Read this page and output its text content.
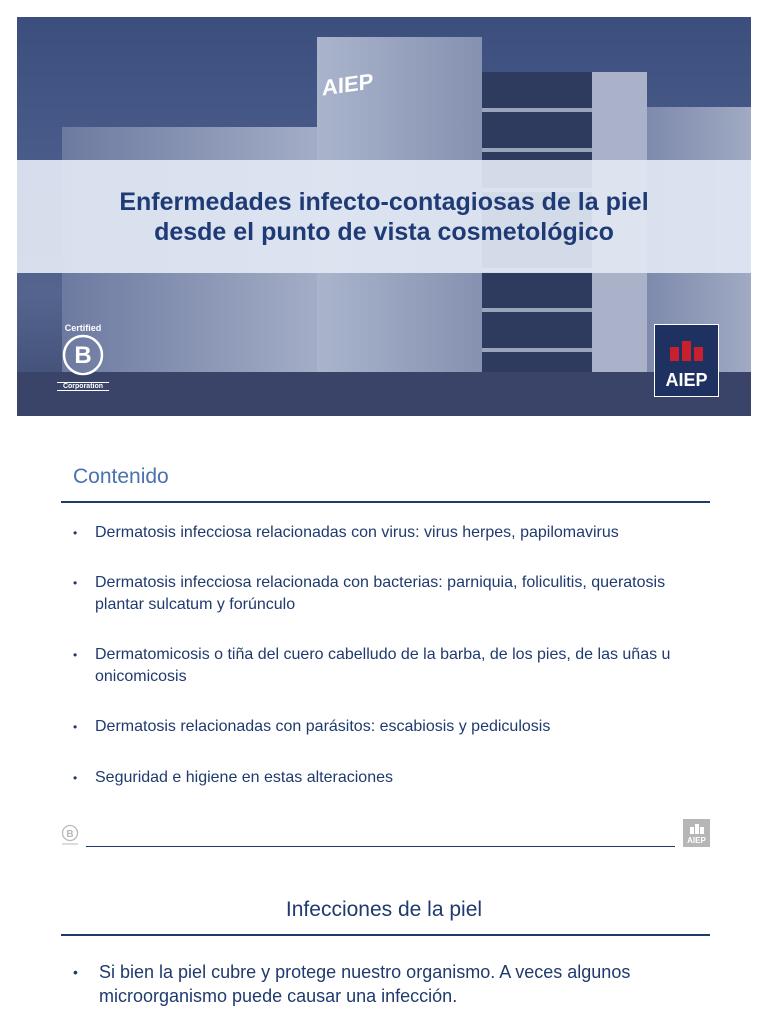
AIEP
Enfermedades infecto-contagiosas de la piel
desde el punto de vista cosmetológico
Certified
B
Corporation	AIEP
Contenido
• Dermatosis infecciosa relacionadas con virus: virus herpes, papilomavirus
• Dermatosis infecciosa relacionada con bacterias: parniquia, foliculitis, queratosis plantar sulcatum y forúnculo
• Dermatomicosis o tiña del cuero cabelludo de la barba, de los pies, de las uñas u onicomicosis
• Dermatosis relacionadas con parásitos: escabiosis y pediculosis
• Seguridad e higiene en estas alteraciones
B
AIEP
Infecciones de la piel
• Si bien la piel cubre y protege nuestro organismo. A veces algunos microorganismo puede causar una infección.
